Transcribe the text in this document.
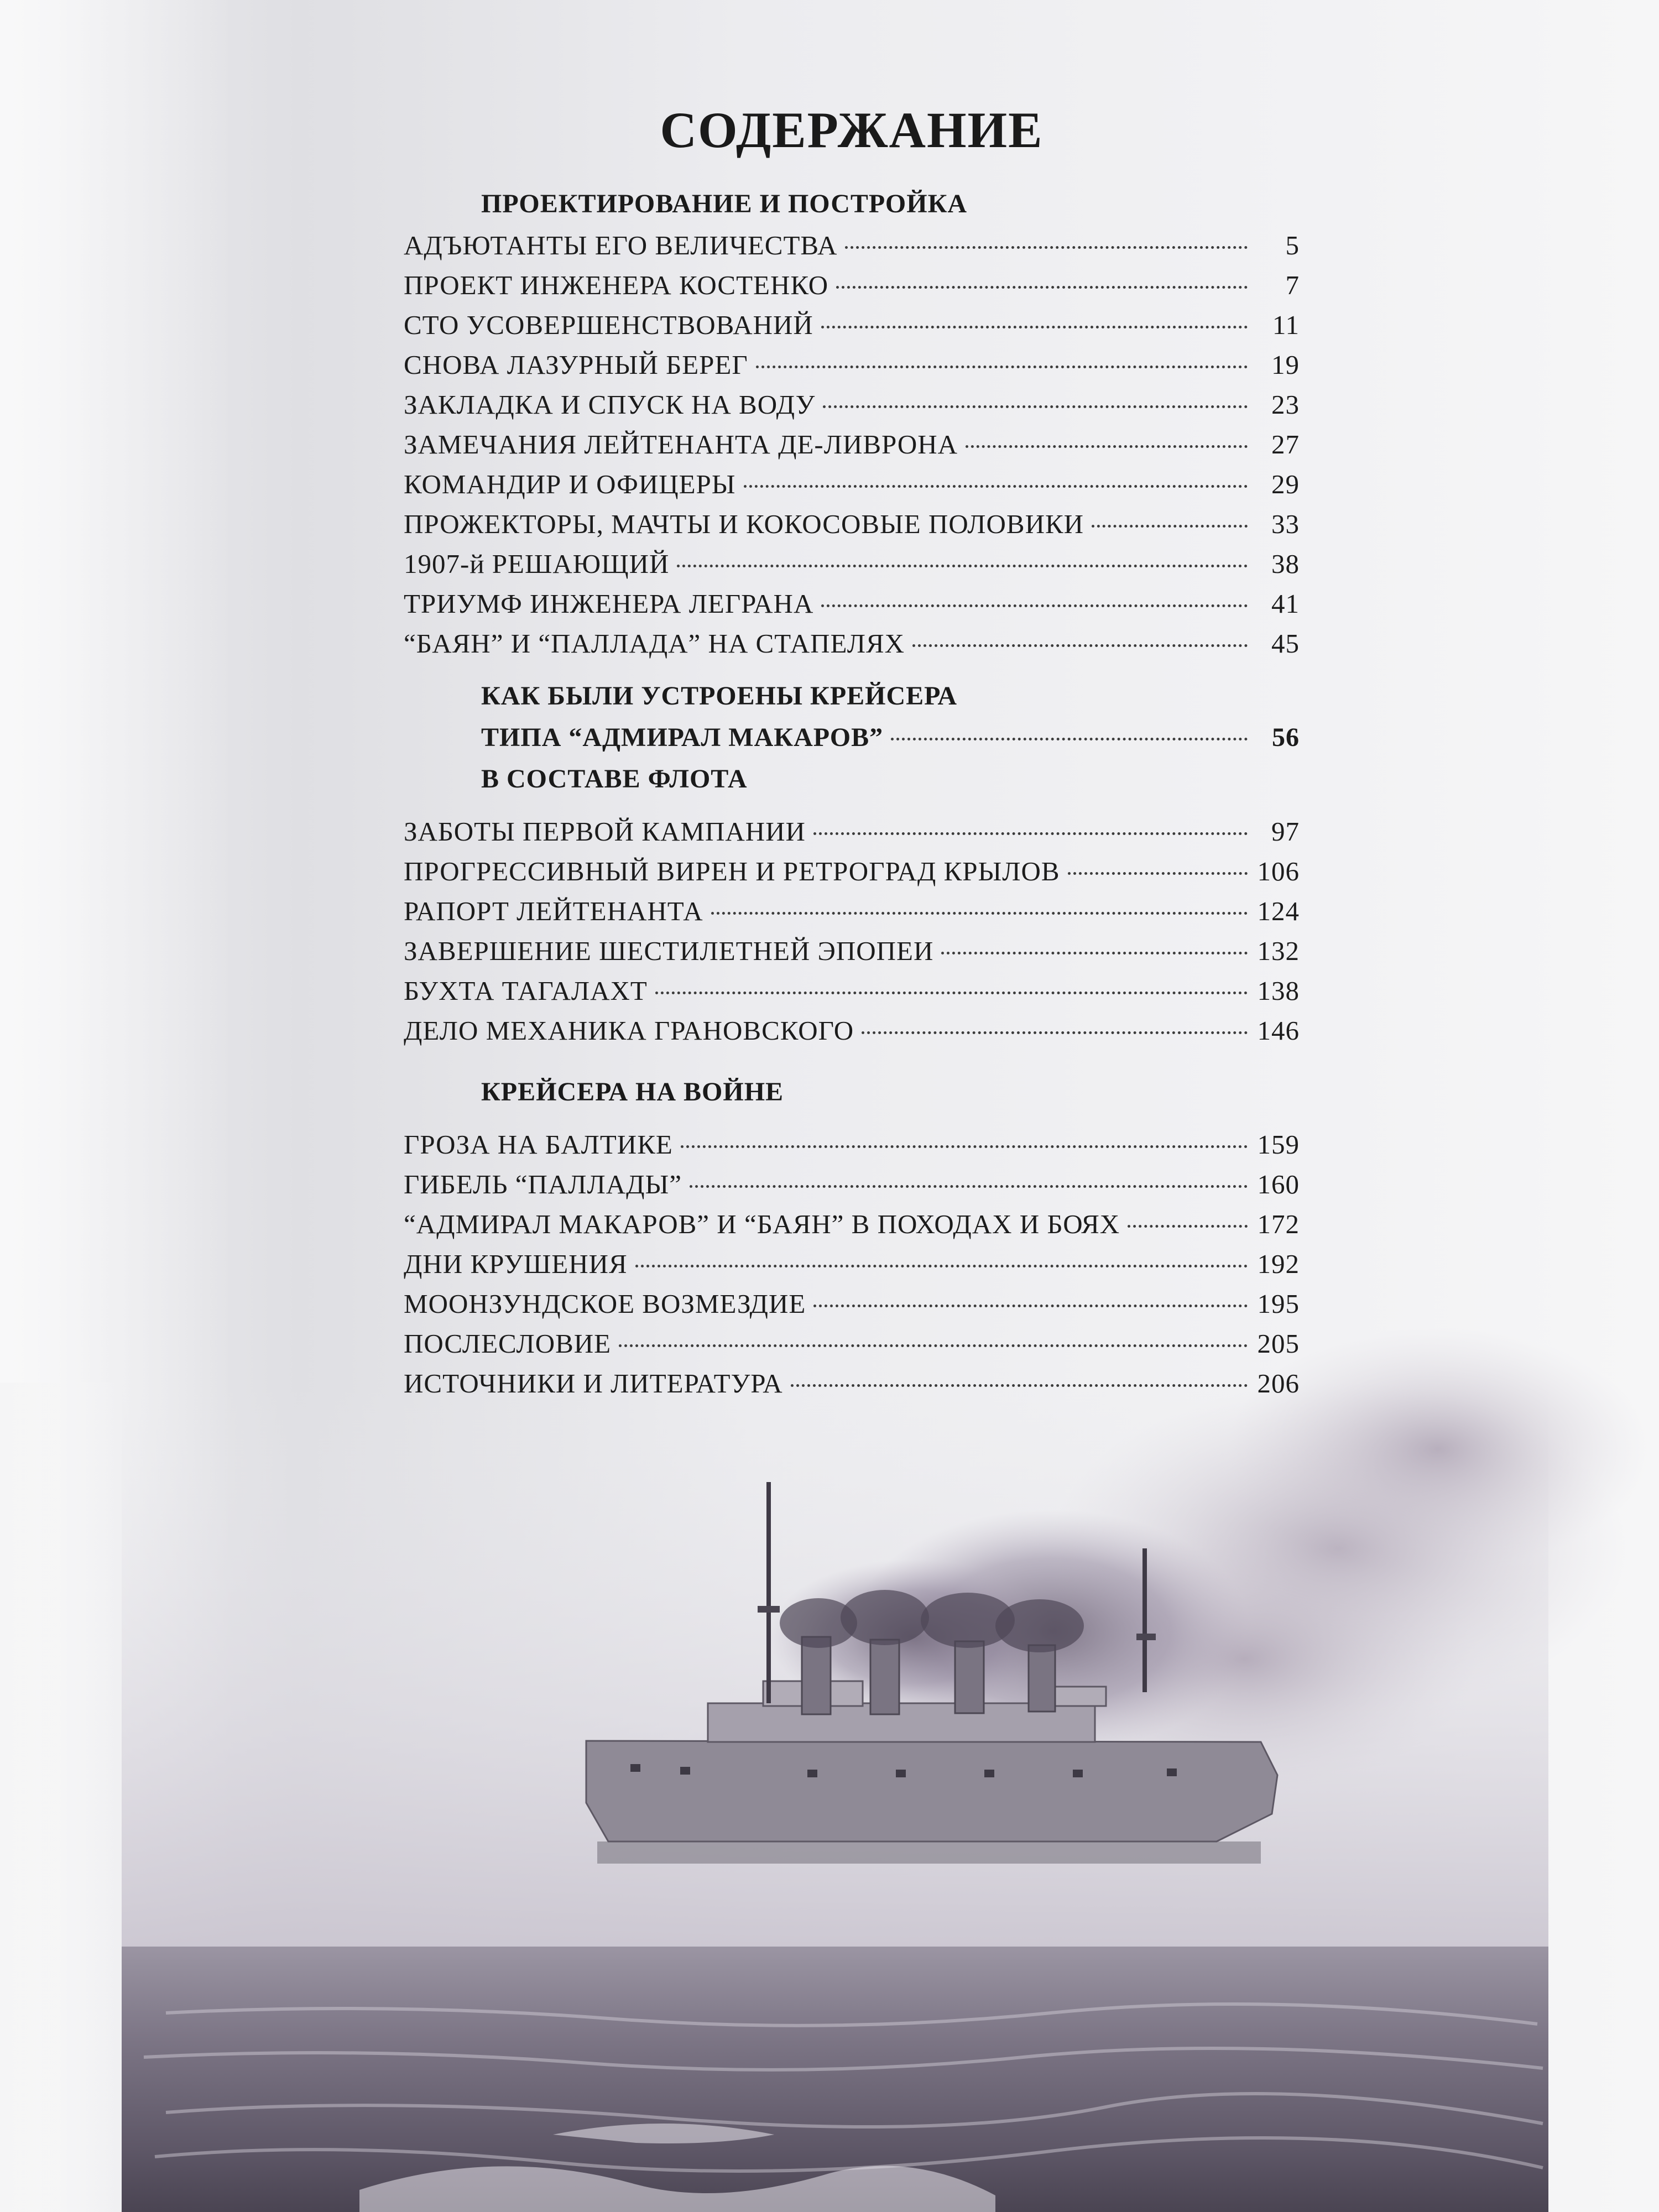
СОДЕРЖАНИЕ
ПРОЕКТИРОВАНИЕ И ПОСТРОЙКА
АДЪЮТАНТЫ ЕГО ВЕЛИЧЕСТВА	5
ПРОЕКТ ИНЖЕНЕРА КОСТЕНКО	7
СТО УСОВЕРШЕНСТВОВАНИЙ	11
СНОВА ЛАЗУРНЫЙ БЕРЕГ	19
ЗАКЛАДКА И СПУСК НА ВОДУ	23
ЗАМЕЧАНИЯ ЛЕЙТЕНАНТА ДЕ-ЛИВРОНА	27
КОМАНДИР И ОФИЦЕРЫ	29
ПРОЖЕКТОРЫ, МАЧТЫ И КОКОСОВЫЕ ПОЛОВИКИ	33
1907-й РЕШАЮЩИЙ	38
ТРИУМФ ИНЖЕНЕРА ЛЕГРАНА	41
“БАЯН” И “ПАЛЛАДА” НА СТАПЕЛЯХ	45
КАК БЫЛИ УСТРОЕНЫ КРЕЙСЕРА
ТИПА “АДМИРАЛ МАКАРОВ”	56
В СОСТАВЕ ФЛОТА
ЗАБОТЫ ПЕРВОЙ КАМПАНИИ	97
ПРОГРЕССИВНЫЙ ВИРЕН И РЕТРОГРАД КРЫЛОВ	106
РАПОРТ ЛЕЙТЕНАНТА	124
ЗАВЕРШЕНИЕ ШЕСТИЛЕТНЕЙ ЭПОПЕИ	132
БУХТА ТАГАЛАХТ	138
ДЕЛО МЕХАНИКА ГРАНОВСКОГО	146
КРЕЙСЕРА НА ВОЙНЕ
ГРОЗА НА БАЛТИКЕ	159
ГИБЕЛЬ “ПАЛЛАДЫ”	160
“АДМИРАЛ МАКАРОВ” И “БАЯН” В ПОХОДАХ И БОЯХ	172
ДНИ КРУШЕНИЯ	192
МООНЗУНДСКОЕ ВОЗМЕЗДИЕ	195
ПОСЛЕСЛОВИЕ	205
ИСТОЧНИКИ И ЛИТЕРАТУРА	206
